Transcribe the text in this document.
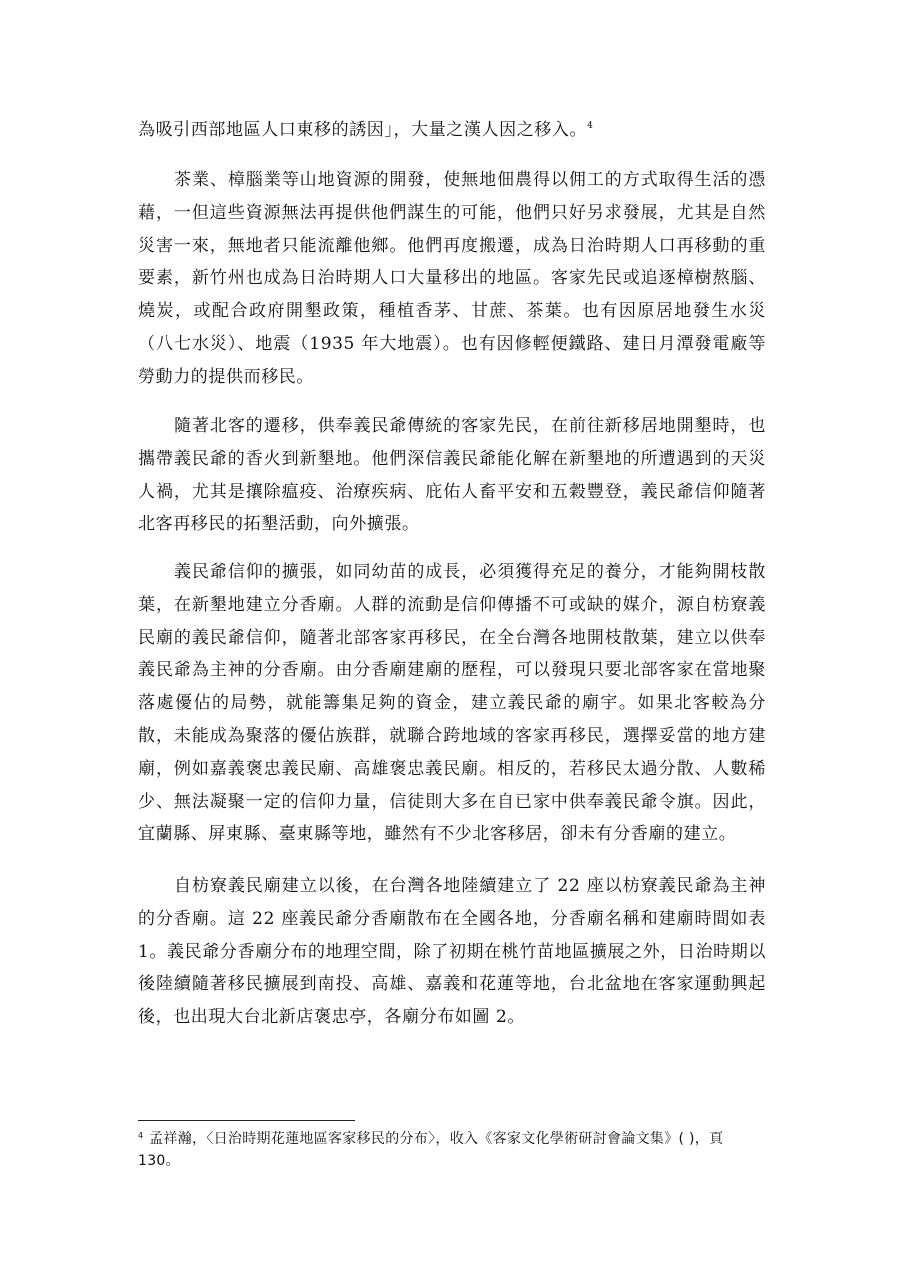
為吸引西部地區人口東移的誘因」，大量之漢人因之移入。$^4$

茶業、樟腦業等山地資源的開發，使無地佃農得以佣工的方式取得生活的憑藉，一但這些資源無法再提供他們謀生的可能，他們只好另求發展，尤其是自然災害一來，無地者只能流離他鄉。他們再度搬遷，成為日治時期人口再移動的重要素，新竹州也成為日治時期人口大量移出的地區。客家先民或追逐樟樹熬腦、燒炭，或配合政府開墾政策，種植香茅、甘蔗、茶葉。也有因原居地發生水災（八七水災）、地震（1935 年大地震）。也有因修輕便鐵路、建日月潭發電廠等勞動力的提供而移民。

隨著北客的遷移，供奉義民爺傳統的客家先民，在前往新移居地開墾時，也攜帶義民爺的香火到新墾地。他們深信義民爺能化解在新墾地的所遭遇到的天災人禍，尤其是攘除瘟疫、治療疾病、庇佑人畜平安和五穀豐登，義民爺信仰隨著北客再移民的拓墾活動，向外擴張。

義民爺信仰的擴張，如同幼苗的成長，必須獲得充足的養分，才能夠開枝散葉，在新墾地建立分香廟。人群的流動是信仰傳播不可或缺的媒介，源自枋寮義民廟的義民爺信仰，隨著北部客家再移民，在全台灣各地開枝散葉，建立以供奉義民爺為主神的分香廟。由分香廟建廟的歷程，可以發現只要北部客家在當地聚落處優佔的局勢，就能籌集足夠的資金，建立義民爺的廟宇。如果北客較為分散，未能成為聚落的優佔族群，就聯合跨地域的客家再移民，選擇妥當的地方建廟，例如嘉義褒忠義民廟、高雄褒忠義民廟。相反的，若移民太過分散、人數稀少、無法凝聚一定的信仰力量，信徒則大多在自已家中供奉義民爺令旗。因此，宜蘭縣、屏東縣、臺東縣等地，雖然有不少北客移居，卻未有分香廟的建立。

自枋寮義民廟建立以後，在台灣各地陸續建立了 22 座以枋寮義民爺為主神的分香廟。這 22 座義民爺分香廟散布在全國各地，分香廟名稱和建廟時間如表 1。義民爺分香廟分布的地理空間，除了初期在桃竹苗地區擴展之外，日治時期以後陸續隨著移民擴展到南投、高雄、嘉義和花蓮等地，台北盆地在客家運動興起後，也出現大台北新店褒忠亭，各廟分布如圖 2。

$^4$ 孟祥瀚，〈日治時期花蓮地區客家移民的分布〉，收入《客家文化學術研討會論文集》( )，頁 130。
